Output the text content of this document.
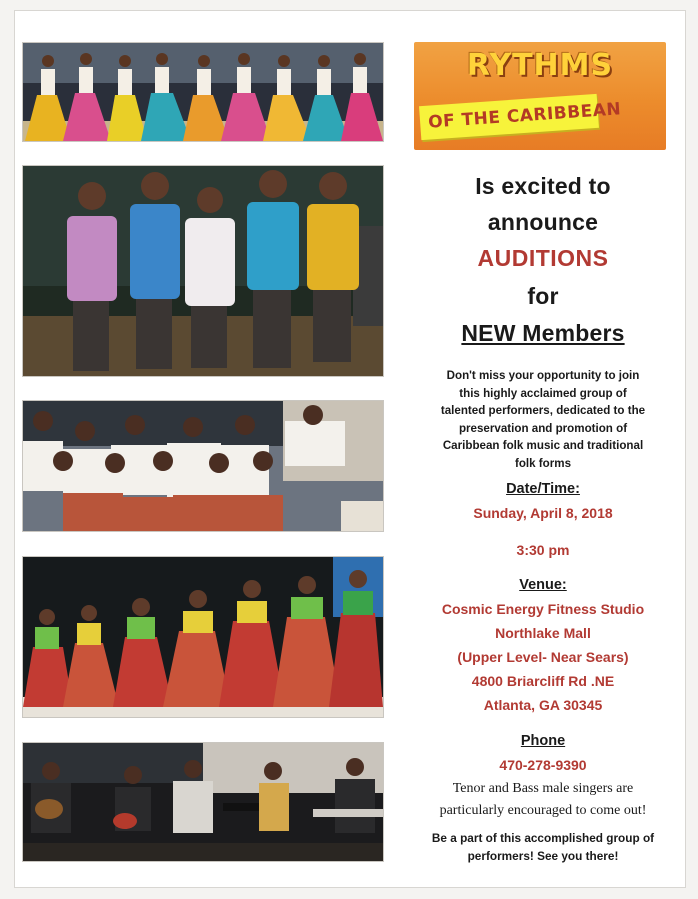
RYTHMS
OF THE CARIBBEAN
Is excited to
announce
AUDITIONS
for
NEW Members
Don't miss your opportunity to join
this highly acclaimed group of
talented performers, dedicated to the
preservation and promotion of
Caribbean folk music and traditional
folk forms
Date/Time:
Sunday, April 8, 2018
3:30 pm
Venue:
Cosmic Energy Fitness Studio
Northlake Mall
(Upper Level- Near Sears)
4800 Briarcliff Rd .NE
Atlanta, GA 30345
Phone
470-278-9390
Tenor and Bass male singers are
particularly encouraged to come out!
Be a part of this accomplished group of
performers! See you there!
